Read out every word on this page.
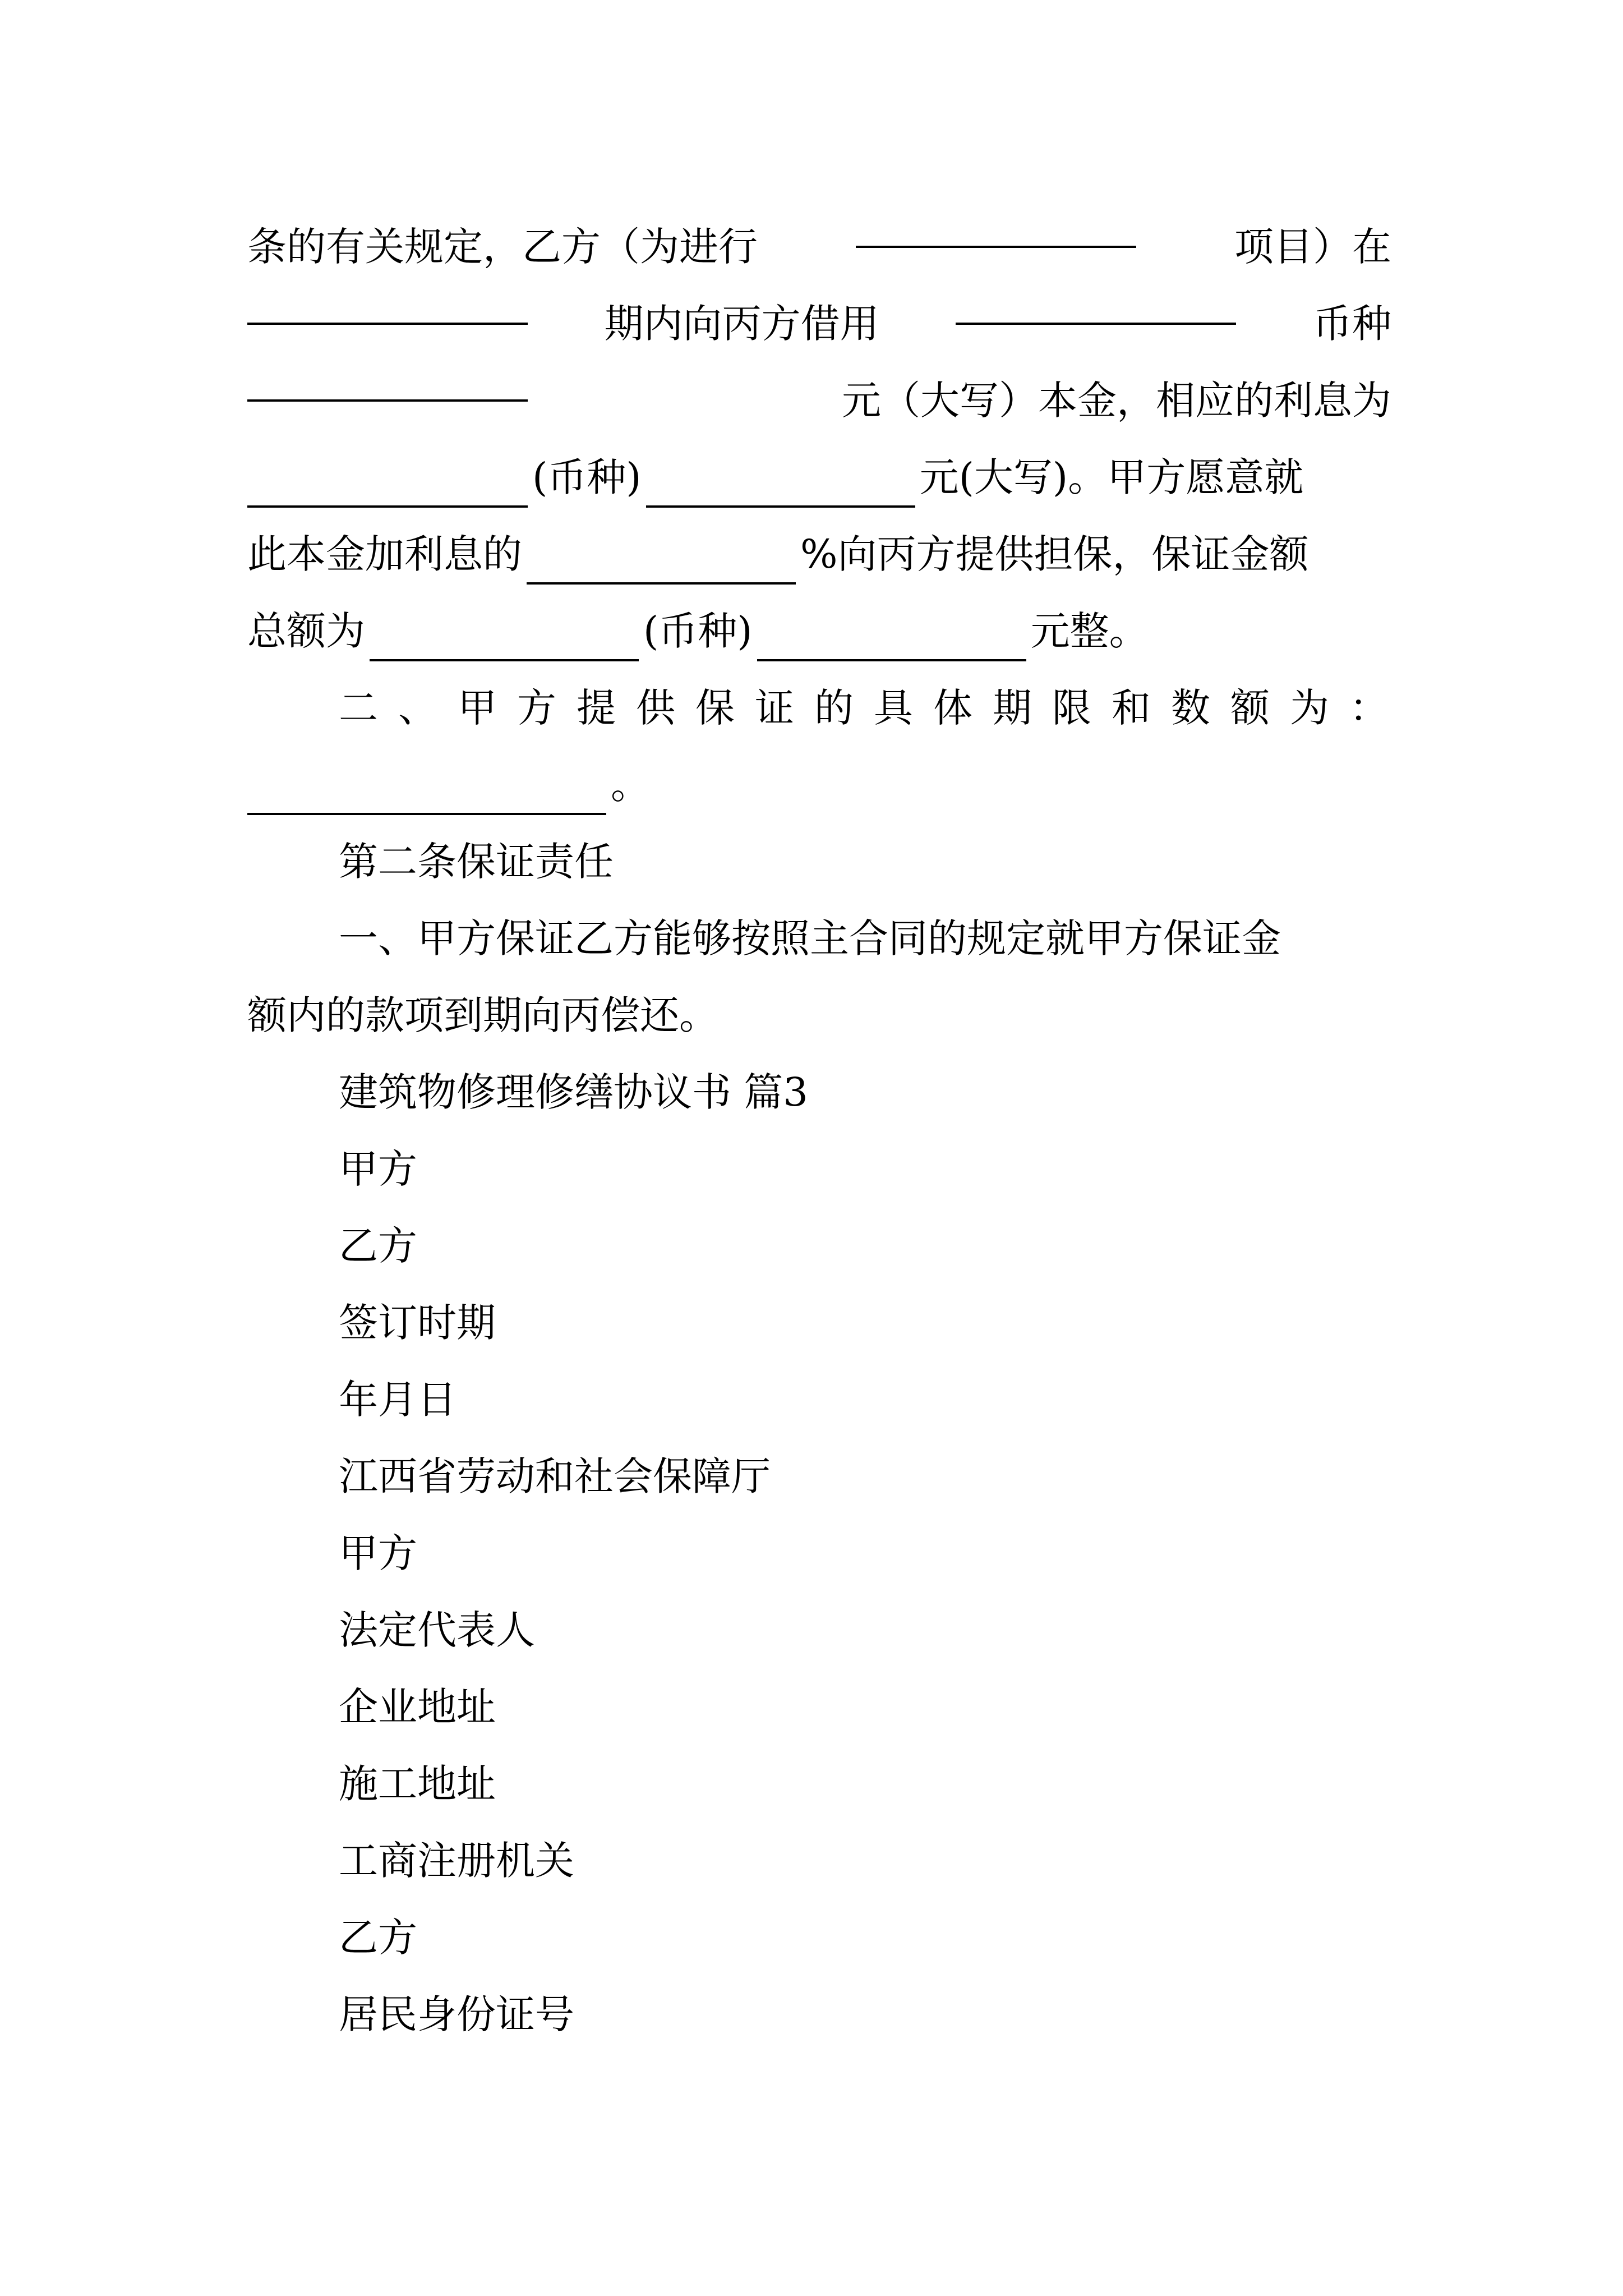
条的有关规定，乙方（为进行	项目）在
期内向丙方借用	币种
元（大写）本金，相应的利息为
(币种)	元(大写)。甲方愿意就
此本金加利息的	%向丙方提供担保，保证金额
总额为	(币种)	元整。
二、甲方提供保证的具体期限和数额为：
。
第二条保证责任
一、甲方保证乙方能够按照主合同的规定就甲方保证金
额内的款项到期向丙偿还。
建筑物修理修缮协议书 篇3
甲方
乙方
签订时期
年月日
江西省劳动和社会保障厅
甲方
法定代表人
企业地址
施工地址
工商注册机关
乙方
居民身份证号
